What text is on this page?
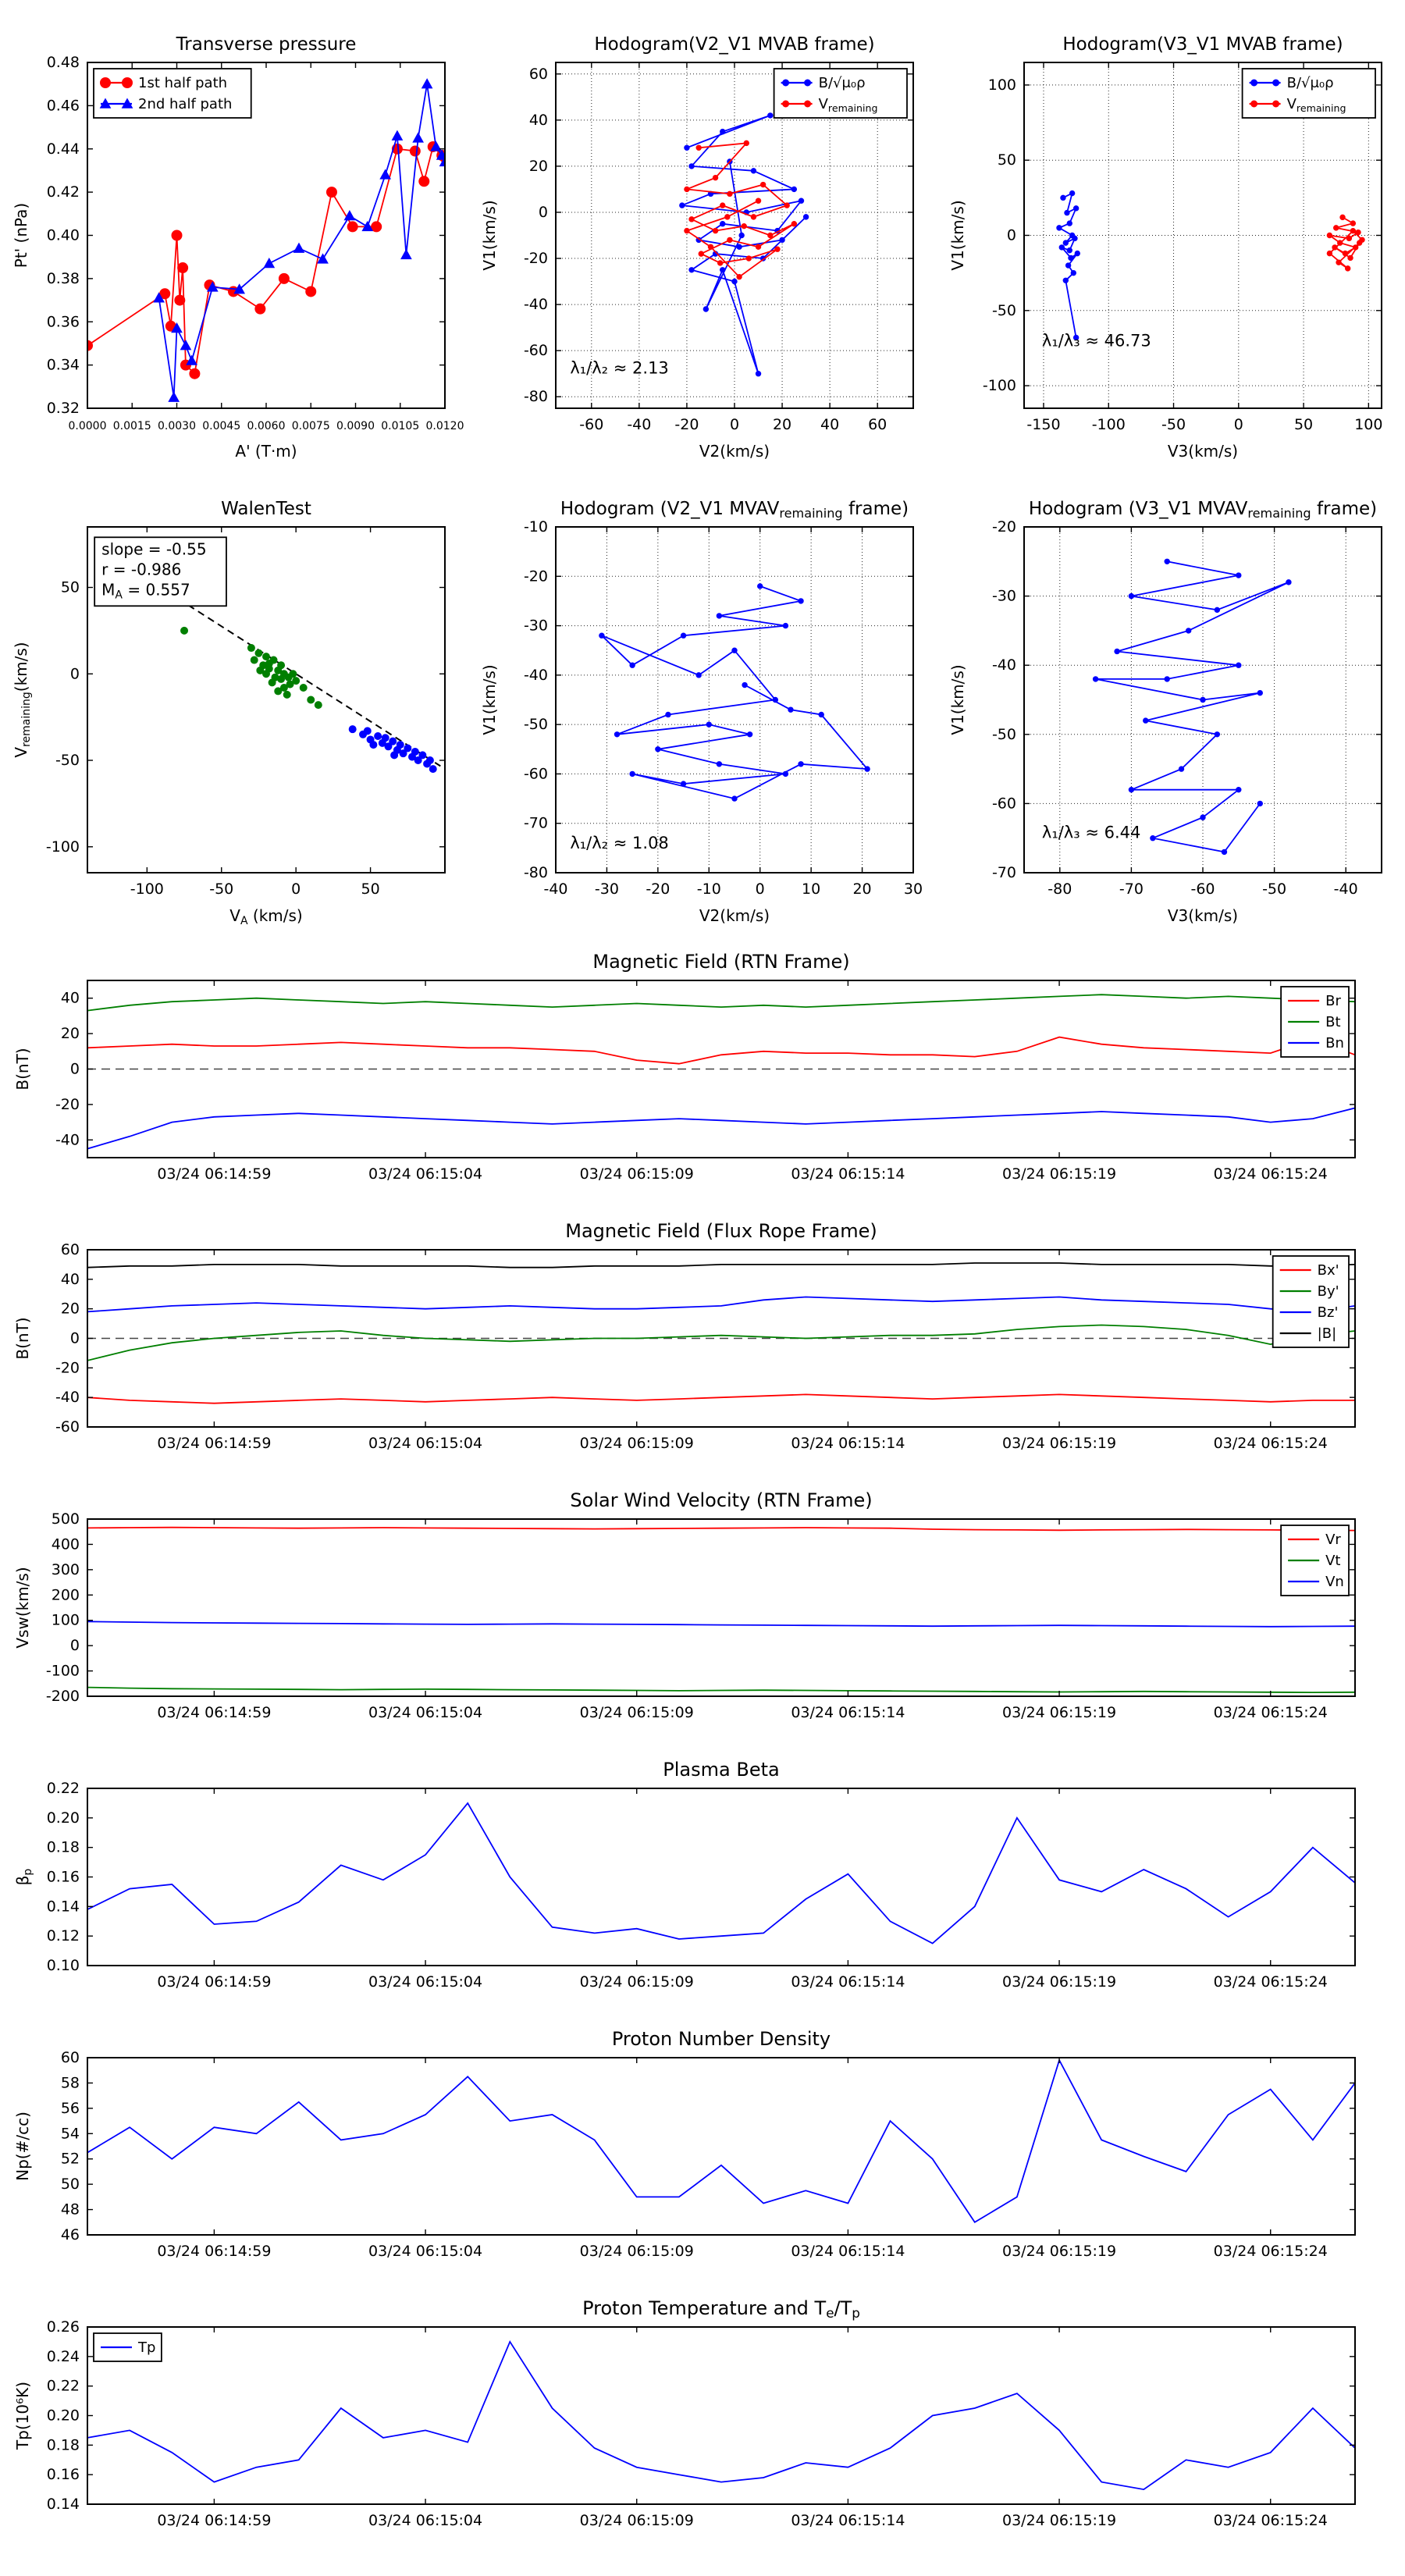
0.0000 0.0015 0.0030 0.0045 0.0060 0.0075 0.0090 0.0105 0.0120
0.32
0.34
0.36
0.38
0.40
0.42
0.44
0.46
0.48
Transverse pressure
A' (T·m)
Pt' (nPa)
1st half path
2nd half path
-60 -40 -20 0 20 40 60
-80
-60
-40
-20
0
20
40
60
Hodogram(V2_V1 MVAB frame)
V2(km/s)
V1(km/s)
λ₁/λ₂ ≈ 2.13
B/√μ₀ρ
$V_{remaining}$
-150 -100 -50	0	50	100
-100
-50
0
50
100
Hodogram(V3_V1 MVAB frame)
V3(km/s)
V1(km/s)
λ₁/λ₃ ≈ 46.73
B/√μ₀ρ
$V_{remaining}$
-100	-50	0	50
-100
-50
0
50
WalenTest
$V_A$ (km/s)
$V_{remaining}(km/s)$
slope = -0.55
r = -0.986
$M_A = 0.557$
-40 -30 -20 -10 0 10 20 30
-80
-70
-60
-50
-40
-30
-20
-10
Hodogram (V2_V1 MVAVremaining frame)
V2(km/s)
V1(km/s)
λ₁/λ₂ ≈ 1.08
-80	-70	-60	-50	-40
-70
-60
-50
-40
-30
-20
Hodogram (V3_V1 MVAVremaining frame)
V3(km/s)
V1(km/s)
λ₁/λ₃ ≈ 6.44
03/24 06:14:59	03/24 06:15:04	03/24 06:15:09	03/24 06:15:14	03/24 06:15:19	03/24 06:15:24
-40
-20
0
20
40
Magnetic Field (RTN Frame)
B(nT)
Br
Bt
Bn
03/24 06:14:59	03/24 06:15:04	03/24 06:15:09	03/24 06:15:14	03/24 06:15:19	03/24 06:15:24
-60
-40
-20
0
20
40
60
Magnetic Field (Flux Rope Frame)
B(nT)
Bx'
By'
Bz'
|B|
03/24 06:14:59	03/24 06:15:04	03/24 06:15:09	03/24 06:15:14	03/24 06:15:19	03/24 06:15:24
-200
-100
0
100
200
300
400
500
Solar Wind Velocity (RTN Frame)
Vsw(km/s)
Vr
Vt
Vn
03/24 06:14:59	03/24 06:15:04	03/24 06:15:09	03/24 06:15:14	03/24 06:15:19	03/24 06:15:24
0.10
0.12
0.14
0.16
0.18
0.20
0.22
Plasma Beta
$\beta_p$
03/24 06:14:59	03/24 06:15:04	03/24 06:15:09	03/24 06:15:14	03/24 06:15:19	03/24 06:15:24
46
48
50
52
54
56
58
60
Proton Number Density
Np(#/cc)
03/24 06:14:59	03/24 06:15:04	03/24 06:15:09	03/24 06:15:14	03/24 06:15:19	03/24 06:15:24
0.14
0.16
0.18
0.20
0.22
0.24
0.26
Proton Temperature and Te/Tp
Tp(10⁶K)
Tp
